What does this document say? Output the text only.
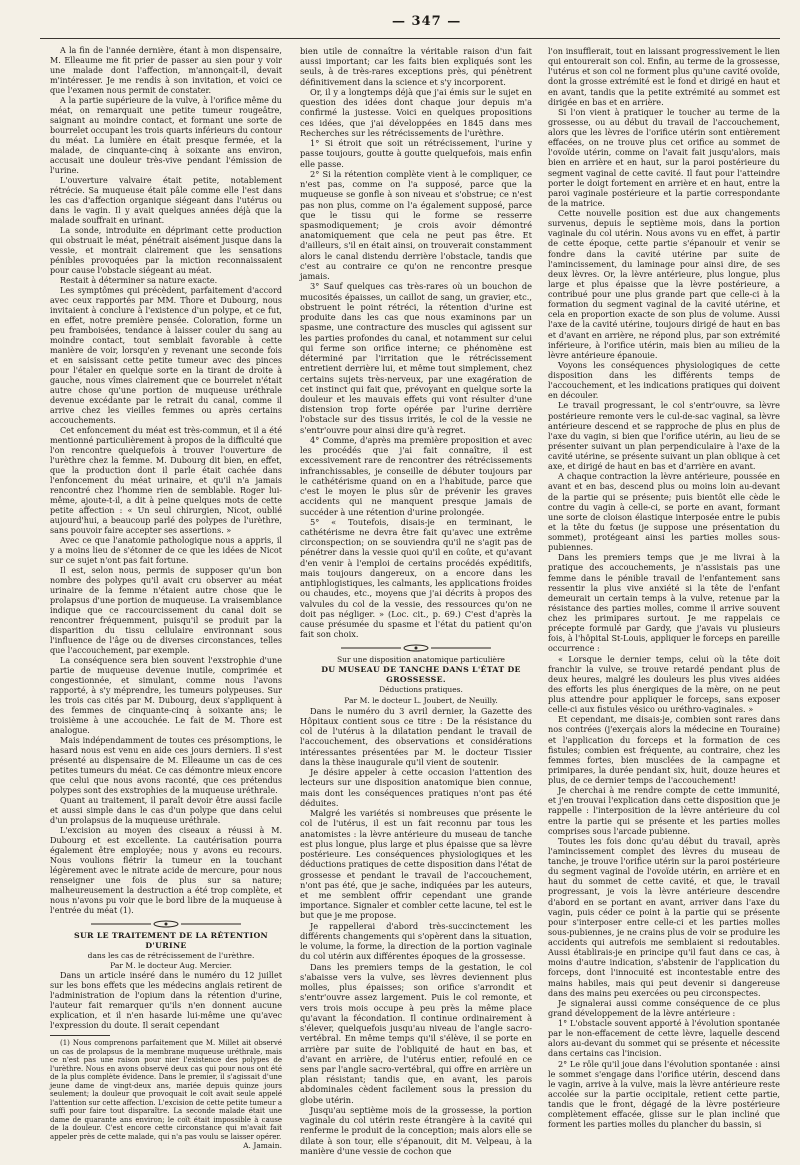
— 347 —

A la fin de l'année dernière, étant à mon dispensaire, M. Elleaume me fit prier de passer au sien pour y voir une malade dont l'affection, m'annonçait-il, devait m'intéresser. Je me rendis à son invitation, et voici ce que l'examen nous permit de constater.

A la partie supérieure de la vulve, à l'orifice même du méat, on remarquait une petite tumeur rougeâtre, saignant au moindre contact, et formant une sorte de bourrelet occupant les trois quarts inférieurs du contour du méat. La lumière en était presque fermée, et la malade, de cinquante-cinq à soixante ans environ, accusait une douleur très-vive pendant l'émission de l'urine.

L'ouverture valvaire était petite, notablement rétrécie. Sa muqueuse était pâle comme elle l'est dans les cas d'affection organique siégeant dans l'utérus ou dans le vagin. Il y avait quelques années déjà que la malade souffrait en urinant.

La sonde, introduite en déprimant cette production qui obstruait le méat, pénétrait aisément jusque dans la vessie, et montrait clairement que les sensations pénibles provoquées par la miction reconnaissaient pour cause l'obstacle siégeant au méat.

Restait à déterminer sa nature exacte.

Les symptômes qui précèdent, parfaitement d'accord avec ceux rapportés par MM. Thore et Dubourg, nous invitaient à conclure à l'existence d'un polype, et ce fut, en effet, notre première pensée. Coloration, forme un peu framboisées, tendance à laisser couler du sang au moindre contact, tout semblait favorable à cette manière de voir, lorsqu'en y revenant une seconde fois et en saisissant cette petite tumeur avec des pinces pour l'étaler en quelque sorte en la tirant de droite à gauche, nous vîmes clairement que ce bourrelet n'était autre chose qu'une portion de muqueuse uréthrale devenue excédante par le retrait du canal, comme il arrive chez les vieilles femmes ou après certains accouchements.

Cet enfoncement du méat est très-commun, et il a été mentionné particulièrement à propos de la difficulté que l'on rencontre quelquefois à trouver l'ouverture de l'urèthre chez la femme. M. Dubourg dit bien, en effet, que la production dont il parle était cachée dans l'enfoncement du méat urinaire, et qu'il n'a jamais rencontré chez l'homme rien de semblable. Roger lui-même, ajoute-t-il, a dit à peine quelques mots de cette petite affection : « Un seul chirurgien, Nicot, oublié aujourd'hui, a beaucoup parlé des polypes de l'urèthre, sans pouvoir faire accepter ses assertions. »

Avec ce que l'anatomie pathologique nous a appris, il y a moins lieu de s'étonner de ce que les idées de Nicot sur ce sujet n'ont pas fait fortune.

Il est, selon nous, permis de supposer qu'un bon nombre des polypes qu'il avait cru observer au méat urinaire de la femme n'étaient autre chose que le prolapsus d'une portion de muqueuse. La vraisemblance indique que ce raccourcissement du canal doit se rencontrer fréquemment, puisqu'il se produit par la disparition du tissu cellulaire environnant sous l'influence de l'âge ou de diverses circonstances, telles que l'accouchement, par exemple.

La conséquence sera bien souvent l'exstrophie d'une partie de muqueuse devenue inutile, comprimée et congestionnée, et simulant, comme nous l'avons rapporté, à s'y méprendre, les tumeurs polypeuses. Sur les trois cas cités par M. Dubourg, deux s'appliquent à des femmes de cinquante-cinq à soixante ans; le troisième à une accouchée. Le fait de M. Thore est analogue.

Mais indépendamment de toutes ces présomptions, le hasard nous est venu en aide ces jours derniers. Il s'est présenté au dispensaire de M. Elleaume un cas de ces petites tumeurs du méat. Ce cas démontre mieux encore que celui que nous avons raconté, que ces prétendus polypes sont des exstrophies de la muqueuse uréthrale.

Quant au traitement, il paraît devoir être aussi facile et aussi simple dans le cas d'un polype que dans celui d'un prolapsus de la muqueuse uréthrale.

L'excision au moyen des ciseaux a réussi à M. Dubourg et est excellente. La cautérisation pourra également être employée; nous y avons eu recours. Nous voulions flétrir la tumeur en la touchant légèrement avec le nitrate acide de mercure, pour nous renseigner une fois de plus sur sa nature; malheureusement la destruction a été trop complète, et nous n'avons pu voir que le bord libre de la muqueuse à l'entrée du méat (1).

SUR LE TRAITEMENT DE LA RÉTENTION D'URINE

dans les cas de rétrécissement de l'urèthre.

Par M. le docteur Aug. Mercier.

Dans un article inséré dans le numéro du 12 juillet sur les bons effets que les médecins anglais retirent de l'administration de l'opium dans la rétention d'urine, l'auteur fait remarquer qu'ils n'en donnent aucune explication, et il n'en hasarde lui-même une qu'avec l'expression du doute. Il serait cependant

(1) Nous comprenons parfaitement que M. Millet ait observé un cas de prolapsus de la membrane muqueuse uréthrale, mais ce n'est pas une raison pour nier l'existence des polypes de l'urèthre. Nous en avons observé deux cas qui pour nous ont été de la plus complète évidence. Dans le premier, il s'agissait d'une jeune dame de vingt-deux ans, mariée depuis quinze jours seulement; la douleur que provoquait le coït avait seule appelé l'attention sur cette affection. L'excision de cette petite tumeur a suffi pour faire tout disparaître. La seconde malade était une dame de quarante ans environ; le coït était impossible à cause de la douleur. C'est encore cette circonstance qui m'avait fait appeler près de cette malade, qui n'a pas voulu se laisser opérer.

A. Jamain.

bien utile de connaître la véritable raison d'un fait aussi important; car les faits bien expliqués sont les seuls, à de très-rares exceptions près, qui pénètrent définitivement dans la science et s'y incorporent.

Or, il y a longtemps déjà que j'ai émis sur le sujet en question des idées dont chaque jour depuis m'a confirmé la justesse. Voici en quelques propositions ces idées, que j'ai développées en 1845 dans mes Recherches sur les rétrécissements de l'urèthre.

1° Si étroit que soit un rétrécissement, l'urine y passe toujours, goutte à goutte quelquefois, mais enfin elle passe.

2° Si la rétention complète vient à le compliquer, ce n'est pas, comme on l'a supposé, parce que la muqueuse se gonfle à son niveau et s'obstrue; ce n'est pas non plus, comme on l'a également supposé, parce que le tissu qui le forme se resserre spasmodiquement; je crois avoir démontré anatomiquement que cela ne peut pas être. Et d'ailleurs, s'il en était ainsi, on trouverait constamment alors le canal distendu derrière l'obstacle, tandis que c'est au contraire ce qu'on ne rencontre presque jamais.

3° Sauf quelques cas très-rares où un bouchon de mucosités épaisses, un caillot de sang, un gravier, etc., obstruent le point rétréci, la rétention d'urine est produite dans les cas que nous examinons par un spasme, une contracture des muscles qui agissent sur les parties profondes du canal, et notamment sur celui qui ferme son orifice interne; ce phénomène est déterminé par l'irritation que le rétrécissement entretient derrière lui, et même tout simplement, chez certains sujets très-nerveux, par une exagération de cet instinct qui fait que, prévoyant en quelque sorte la douleur et les mauvais effets qui vont résulter d'une distension trop forte opérée par l'urine derrière l'obstacle sur des tissus irrités, le col de la vessie ne s'entr'ouvre pour ainsi dire qu'à regret.

4° Comme, d'après ma première proposition et avec les procédés que j'ai fait connaître, il est excessivement rare de rencontrer des rétrécissements infranchissables, je conseille de débuter toujours par le cathétérisme quand on en a l'habitude, parce que c'est le moyen le plus sûr de prévenir les graves accidents qui ne manquent presque jamais de succéder à une rétention d'urine prolongée.

5° « Toutefois, disais-je en terminant, le cathétérisme ne devra être fait qu'avec une extrême circonspection; on se souviendra qu'il ne s'agit pas de pénétrer dans la vessie quoi qu'il en coûte, et qu'avant d'en venir à l'emploi de certains procédés expéditifs, mais toujours dangereux, on a encore dans les antiphlogistiques, les calmants, les applications froides ou chaudes, etc., moyens que j'ai décrits à propos des valvules du col de la vessie, des ressources qu'on ne doit pas négliger. » (Loc. cit., p. 69.) C'est d'après la cause présumée du spasme et l'état du patient qu'on fait son choix.

Sur une disposition anatomique particulière

DU MUSEAU DE TANCHE DANS L'ÉTAT DE GROSSESSE.

Déductions pratiques.

Par M. le docteur L. Joubert, de Neuilly.

Dans le numéro du 3 avril dernier, la Gazette des Hôpitaux contient sous ce titre : De la résistance du col de l'utérus à la dilatation pendant le travail de l'accouchement, des observations et considérations intéressantes présentées par M. le docteur Tissier dans la thèse inaugurale qu'il vient de soutenir.

Je désire appeler à cette occasion l'attention des lecteurs sur une disposition anatomique bien connue, mais dont les conséquences pratiques n'ont pas été déduites.

Malgré les variétés si nombreuses que présente le col de l'utérus, il est un fait reconnu par tous les anatomistes : la lèvre antérieure du museau de tanche est plus longue, plus large et plus épaisse que sa lèvre postérieure. Les conséquences physiologiques et les déductions pratiques de cette disposition dans l'état de grossesse et pendant le travail de l'accouchement, n'ont pas été, que je sache, indiquées par les auteurs, et me semblent offrir cependant une grande importance. Signaler et combler cette lacune, tel est le but que je me propose.

Je rappellerai d'abord très-succinctement les différents changements qui s'opèrent dans la situation, le volume, la forme, la direction de la portion vaginale du col utérin aux différentes époques de la grossesse.

Dans les premiers temps de la gestation, le col s'abaisse vers la vulve, ses lèvres deviennent plus molles, plus épaisses; son orifice s'arrondit et s'entr'ouvre assez largement. Puis le col remonte, et vers trois mois occupe à peu près la même place qu'avant la fécondation. Il continue ordinairement à s'élever, quelquefois jusqu'au niveau de l'angle sacro-vertébral. En même temps qu'il s'élève, il se porte en arrière par suite de l'obliquité de haut en bas, et d'avant en arrière, de l'utérus entier, refoulé en ce sens par l'angle sacro-vertébral, qui offre en arrière un plan résistant; tandis que, en avant, les parois abdominales cèdent facilement sous la pression du globe utérin.

Jusqu'au septième mois de la grossesse, la portion vaginale du col utérin reste étrangère à la cavité qui renferme le produit de la conception; mais alors elle se dilate à son tour, elle s'épanouit, dit M. Velpeau, à la manière d'une vessie de cochon que

l'on insufflerait, tout en laissant progressivement le lien qui entourerait son col. Enfin, au terme de la grossesse, l'utérus et son col ne forment plus qu'une cavité ovoïde, dont la grosse extrémité est le fond et dirigé en haut et en avant, tandis que la petite extrémité au sommet est dirigée en bas et en arrière.

Si l'on vient à pratiquer le toucher au terme de la grossesse, ou au début du travail de l'accouchement, alors que les lèvres de l'orifice utérin sont entièrement effacées, on ne trouve plus cet orifice au sommet de l'ovoïde utérin, comme on l'avait fait jusqu'alors, mais bien en arrière et en haut, sur la paroi postérieure du segment vaginal de cette cavité. Il faut pour l'atteindre porter le doigt fortement en arrière et en haut, entre la paroi vaginale postérieure et la partie correspondante de la matrice.

Cette nouvelle position est due aux changements survenus, depuis le septième mois, dans la portion vaginale du col utérin. Nous avons vu en effet, à partir de cette époque, cette partie s'épanouir et venir se fondre dans la cavité utérine par suite de l'amincissement, du laminage pour ainsi dire, de ses deux lèvres. Or, la lèvre antérieure, plus longue, plus large et plus épaisse que la lèvre postérieure, a contribué pour une plus grande part que celle-ci à la formation du segment vaginal de la cavité utérine, et cela en proportion exacte de son plus de volume. Aussi l'axe de la cavité utérine, toujours dirigé de haut en bas et d'avant en arrière, ne répond plus, par son extrémité inférieure, à l'orifice utérin, mais bien au milieu de la lèvre antérieure épanouie.

Voyons les conséquences physiologiques de cette disposition dans les différents temps de l'accouchement, et les indications pratiques qui doivent en découler.

Le travail progressant, le col s'entr'ouvre, sa lèvre postérieure remonte vers le cul-de-sac vaginal, sa lèvre antérieure descend et se rapproche de plus en plus de l'axe du vagin, si bien que l'orifice utérin, au lieu de se présenter suivant un plan perpendiculaire à l'axe de la cavité utérine, se présente suivant un plan oblique à cet axe, et dirigé de haut en bas et d'arrière en avant.

A chaque contraction la lèvre antérieure, poussée en avant et en bas, descend plus ou moins loin au-devant de la partie qui se présente; puis bientôt elle cède le contre du vagin à celle-ci, se porte en avant, formant une sorte de cloison élastique interposée entre le pubis et la tête du fœtus (je suppose une présentation du sommet), protégeant ainsi les parties molles sous-pubiennes.

Dans les premiers temps que je me livrai à la pratique des accouchements, je n'assistais pas une femme dans le pénible travail de l'enfantement sans ressentir la plus vive anxiété si la tête de l'enfant demeurait un certain temps à la vulve, retenue par la résistance des parties molles, comme il arrive souvent chez les primipares surtout. Je me rappelais ce précepte formulé par Gardy, que j'avais vu plusieurs fois, à l'hôpital St-Louis, appliquer le forceps en pareille occurrence :

« Lorsque le dernier temps, celui où la tête doit franchir la vulve, se trouve retardé pendant plus de deux heures, malgré les douleurs les plus vives aidées des efforts les plus énergiques de la mère, on ne peut plus attendre pour appliquer le forceps, sans exposer celle-ci aux fistules vésico ou uréthro-vaginales. »

Et cependant, me disais-je, combien sont rares dans nos contrées (j'exerçais alors la médecine en Touraine) et l'application du forceps et la formation de ces fistules; combien est fréquente, au contraire, chez les femmes fortes, bien musclées de la campagne et primipares, la durée pendant six, huit, douze heures et plus, de ce dernier temps de l'accouchement!

Je cherchai à me rendre compte de cette immunité, et j'en trouvai l'explication dans cette disposition que je rappelle : l'interposition de la lèvre antérieure du col entre la partie qui se présente et les parties molles comprises sous l'arcade pubienne.

Toutes les fois donc qu'au début du travail, après l'amincissement complet des lèvres du museau de tanche, je trouve l'orifice utérin sur la paroi postérieure du segment vaginal de l'ovoïde utérin, en arrière et en haut du sommet de cette cavité, et que, le travail progressant, je vois la lèvre antérieure descendre d'abord en se portant en avant, arriver dans l'axe du vagin, puis céder ce point à la partie qui se présente pour s'interposer entre celle-ci et les parties molles sous-pubiennes, je ne crains plus de voir se produire les accidents qui autrefois me semblaient si redoutables. Aussi établirais-je en principe qu'il faut dans ce cas, à moins d'autre indication, s'abstenir de l'application du forceps, dont l'innocuité est incontestable entre des mains habiles, mais qui peut devenir si dangereuse dans des mains peu exercées ou peu circonspectes.

Je signalerai aussi comme conséquence de ce plus grand développement de la lèvre antérieure :

1° L'obstacle souvent apporté à l'évolution spontanée par le non-effacement de cette lèvre, laquelle descend alors au-devant du sommet qui se présente et nécessite dans certains cas l'incision.

2° Le rôle qu'il joue dans l'évolution spontanée : ainsi le sommet s'engage dans l'orifice utérin, descend dans le vagin, arrive à la vulve, mais la lèvre antérieure reste accolée sur la partie occipitale, retient cette partie, tandis que le front, dégagé de la lèvre postérieure complètement effacée, glisse sur le plan incliné que forment les parties molles du plancher du bassin, si
